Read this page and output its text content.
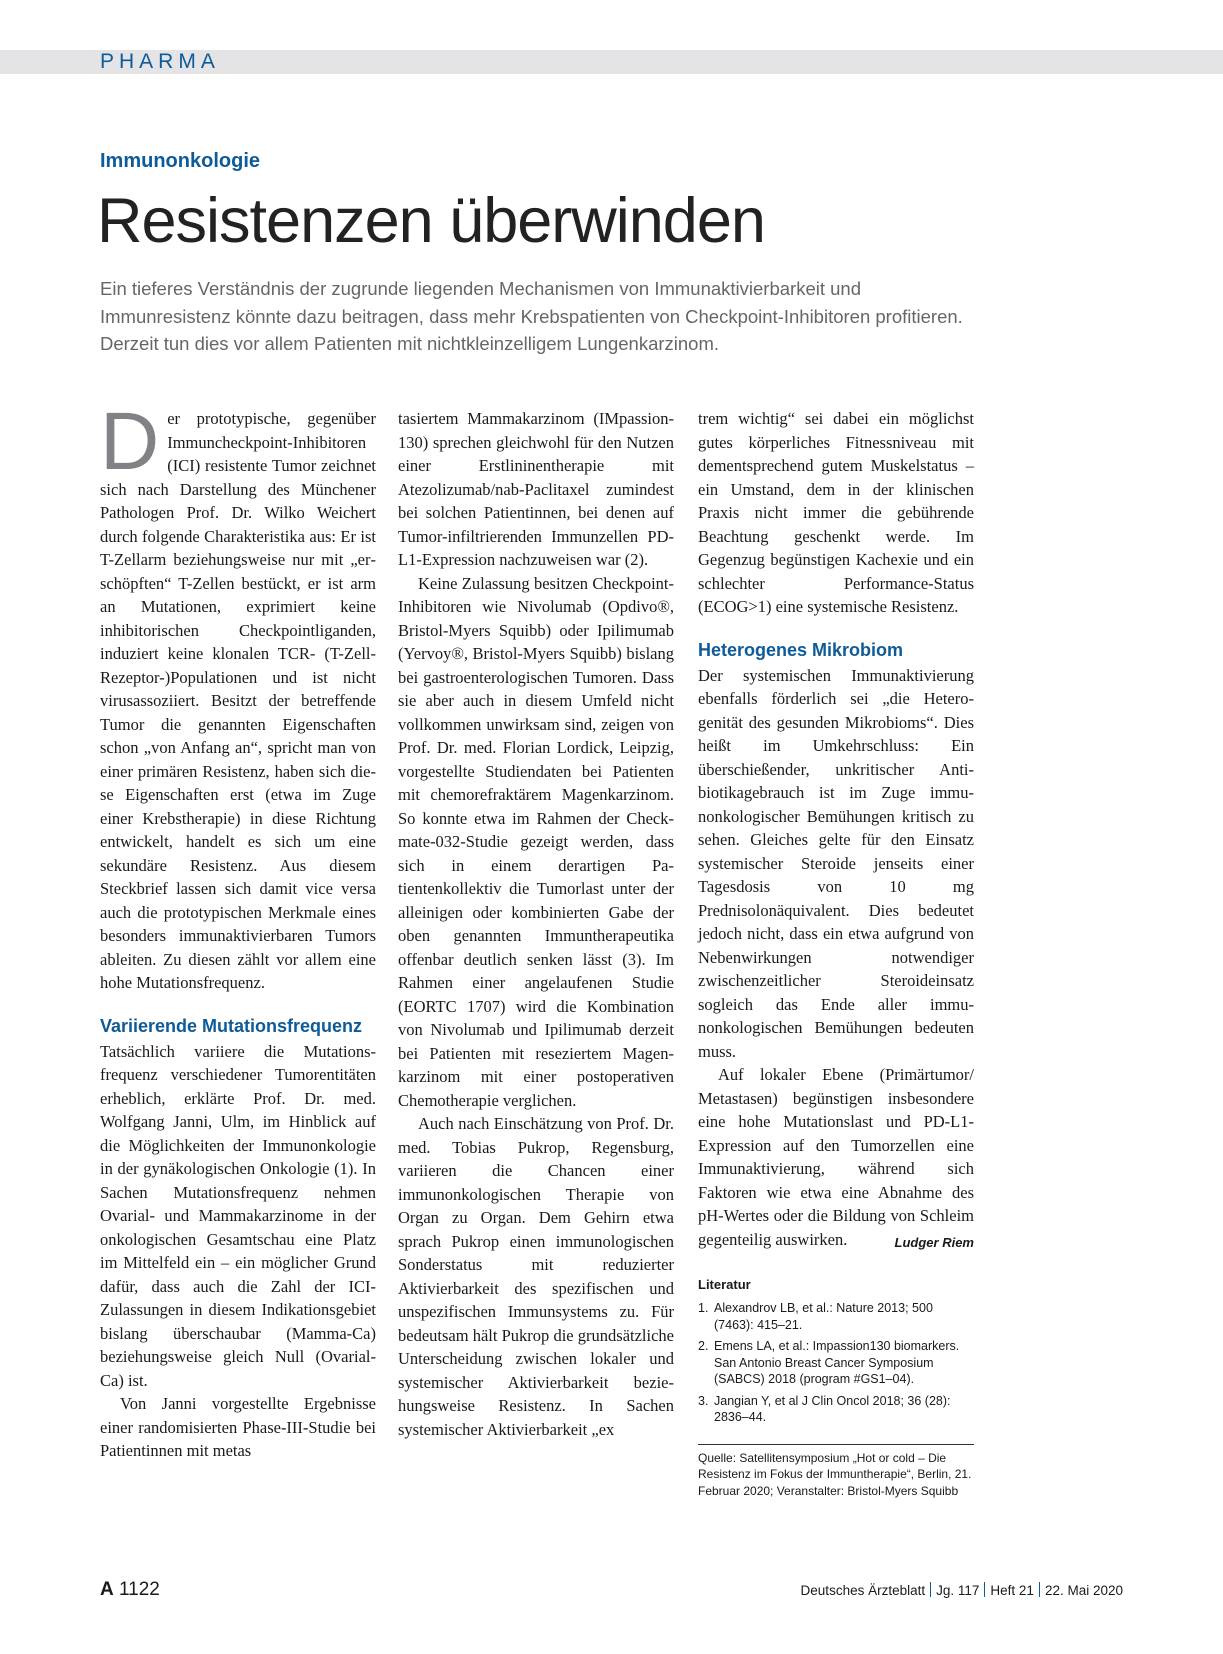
PHARMA
Immunonkologie
Resistenzen überwinden
Ein tieferes Verständnis der zugrunde liegenden Mechanismen von Immunaktivierbarkeit und Immunresistenz könnte dazu beitragen, dass mehr Krebspatienten von Checkpoint-Inhibitoren profitieren. Derzeit tun dies vor allem Patienten mit nichtkleinzelligem Lungenkarzinom.
D er prototypische, gegenüber Immuncheckpoint-Inhibitoren (ICI) resistente Tumor zeichnet sich nach Darstellung des Münchener Pathologen Prof. Dr. Wilko Weichert durch folgende Charakteristika aus: Er ist T-Zellarm beziehungsweise nur mit „erschöpften“ T-Zellen bestückt, er ist arm an Mutationen, exprimiert keine inhibitorischen Checkpointliganden, induziert keine klonalen TCR- (T-Zell-Rezeptor-)Populationen und ist nicht virusassoziiert. Besitzt der betreffende Tumor die genannten Eigenschaften schon „von Anfang an“, spricht man von einer primären Resistenz, haben sich diese Eigenschaften erst (etwa im Zuge einer Krebstherapie) in diese Richtung entwickelt, handelt es sich um eine sekundäre Resistenz. Aus diesem Steckbrief lassen sich damit vice versa auch die prototypischen Merkmale eines besonders immunaktivierbaren Tumors ableiten. Zu diesen zählt vor allem eine hohe Mutationsfrequenz.

Variierende Mutationsfrequenz

Tatsächlich variiere die Mutationsfrequenz verschiedener Tumorentitäten erheblich, erklärte Prof. Dr. med. Wolfgang Janni, Ulm, im Hinblick auf die Möglichkeiten der Immunonkologie in der gynäkologischen Onkologie (1). In Sachen Mutationsfrequenz nehmen Ovarial- und Mammakarzinome in der onkologischen Gesamtschau eine Platz im Mittelfeld ein – ein möglicher Grund dafür, dass auch die Zahl der ICI-Zulassungen in diesem Indikationsgebiet bislang überschaubar (Mamma-Ca) beziehungsweise gleich Null (Ovarial-Ca) ist.

Von Janni vorgestellte Ergebnisse einer randomisierten Phase-III-Studie bei Patientinnen mit metas

tasiertem Mammakarzinom (IMpassion-130) sprechen gleichwohl für den Nutzen einer Erstlininentherapie mit Atezolizumab/nab-Paclitaxel zumindest bei solchen Patientinnen, bei denen auf Tumor-infiltrierenden Immunzellen PD-L1-Expression nachzuweisen war (2).

Keine Zulassung besitzen Checkpoint-Inhibitoren wie Nivolumab (Opdivo®, Bristol-Myers Squibb) oder Ipilimumab (Yervoy®, Bristol-Myers Squibb) bislang bei gastroenterologischen Tumoren. Dass sie aber auch in diesem Umfeld nicht vollkommen unwirksam sind, zeigen von Prof. Dr. med. Florian Lordick, Leipzig, vorgestellte Studiendaten bei Patienten mit chemorefraktärem Magenkarzinom. So konnte etwa im Rahmen der Checkmate-032-Studie gezeigt werden, dass sich in einem derartigen Patientenkollektiv die Tumorlast unter der alleinigen oder kombinierten Gabe der oben genannten Immuntherapeutika offenbar deutlich senken lässt (3). Im Rahmen einer angelaufenen Studie (EORTC 1707) wird die Kombination von Nivolumab und Ipilimumab derzeit bei Patienten mit reseziertem Magenkarzinom mit einer postoperativen Chemotherapie verglichen.

Auch nach Einschätzung von Prof. Dr. med. Tobias Pukrop, Regensburg, variieren die Chancen einer immunonkologischen Therapie von Organ zu Organ. Dem Gehirn etwa sprach Pukrop einen immunologischen Sonderstatus mit reduzierter Aktivierbarkeit des spezifischen und unspezifischen Immunsystems zu. Für bedeutsam hält Pukrop die grundsätzliche Unterscheidung zwischen lokaler und systemischer Aktivierbarkeit beziehungsweise Resistenz. In Sachen systemischer Aktivierbarkeit „ex

trem wichtig“ sei dabei ein möglichst gutes körperliches Fitnessniveau mit dementsprechend gutem Muskelstatus – ein Umstand, dem in der klinischen Praxis nicht immer die gebührende Beachtung geschenkt werde. Im Gegenzug begünstigen Kachexie und ein schlechter Performance-Status (ECOG>1) eine systemische Resistenz.

Heterogenes Mikrobiom

Der systemischen Immunaktivierung ebenfalls förderlich sei „die Heterogenität des gesunden Mikrobioms“. Dies heißt im Umkehrschluss: Ein überschießender, unkritischer Antibiotikagebrauch ist im Zuge immunonkologischer Bemühungen kritisch zu sehen. Gleiches gelte für den Einsatz systemischer Steroide jenseits einer Tagesdosis von 10 mg Prednisolonäquivalent. Dies bedeutet jedoch nicht, dass ein etwa aufgrund von Nebenwirkungen notwendiger zwischenzeitlicher Steroideinsatz sogleich das Ende aller immunonkologischen Bemühungen bedeuten muss.

Auf lokaler Ebene (Primärtumor/ Metastasen) begünstigen insbesondere eine hohe Mutationslast und PD-L1-Expression auf den Tumorzellen eine Immunaktivierung, während sich Faktoren wie etwa eine Abnahme des pH-Wertes oder die Bildung von Schleim gegenteilig auswirken.	Ludger Riem

Literatur
1. Alexandrov LB, et al.: Nature 2013; 500 (7463): 415–21.
2. Emens LA, et al.: Impassion130 biomarkers. San Antonio Breast Cancer Symposium (SABCS) 2018 (program #GS1–04).
3. Jangian Y, et al J Clin Oncol 2018; 36 (28): 2836–44.
Quelle: Satellitensymposium „Hot or cold – Die Resistenz im Fokus der Immuntherapie“, Berlin, 21. Februar 2020; Veranstalter: Bristol-Myers Squibb
A 1122	Deutsches Ärzteblatt Jg. 117 Heft 21 22. Mai 2020
